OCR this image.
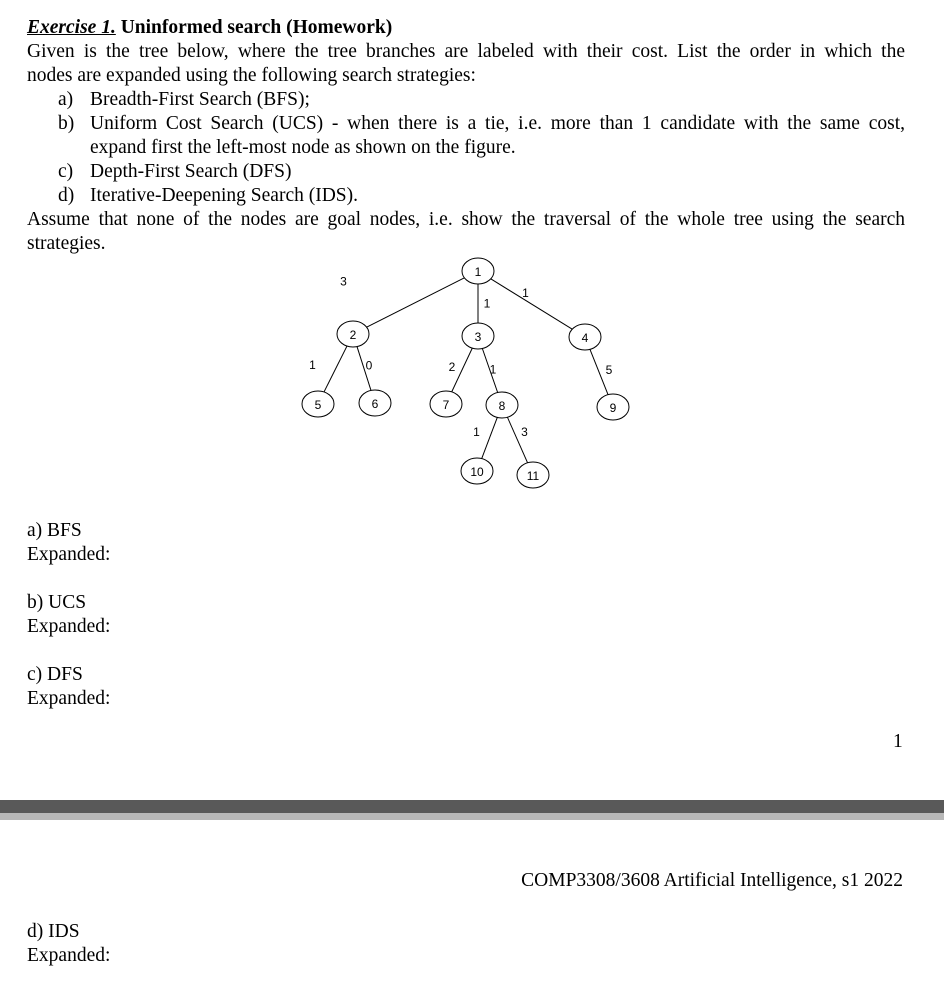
Exercise 1. Uninformed search (Homework)
Given is the tree below, where the tree branches are labeled with their cost. List the order in which the
nodes are expanded using the following search strategies:
a) Breadth-First Search (BFS);
b) Uniform Cost Search (UCS) - when there is a tie, i.e. more than 1 candidate with the same cost,
expand first the left-most node as shown on the figure.
c) Depth-First Search (DFS)
d) Iterative-Deepening Search (IDS).
Assume that none of the nodes are goal nodes, i.e. show the traversal of the whole tree using the search
strategies.
3
1
1
1	0	2	1	5
1	3
1
2	3	4
5	6	7	8	9
10	11
a) BFS
Expanded:
b) UCS
Expanded:
c) DFS
Expanded:
1
COMP3308/3608 Artificial Intelligence, s1 2022
d) IDS
Expanded:
